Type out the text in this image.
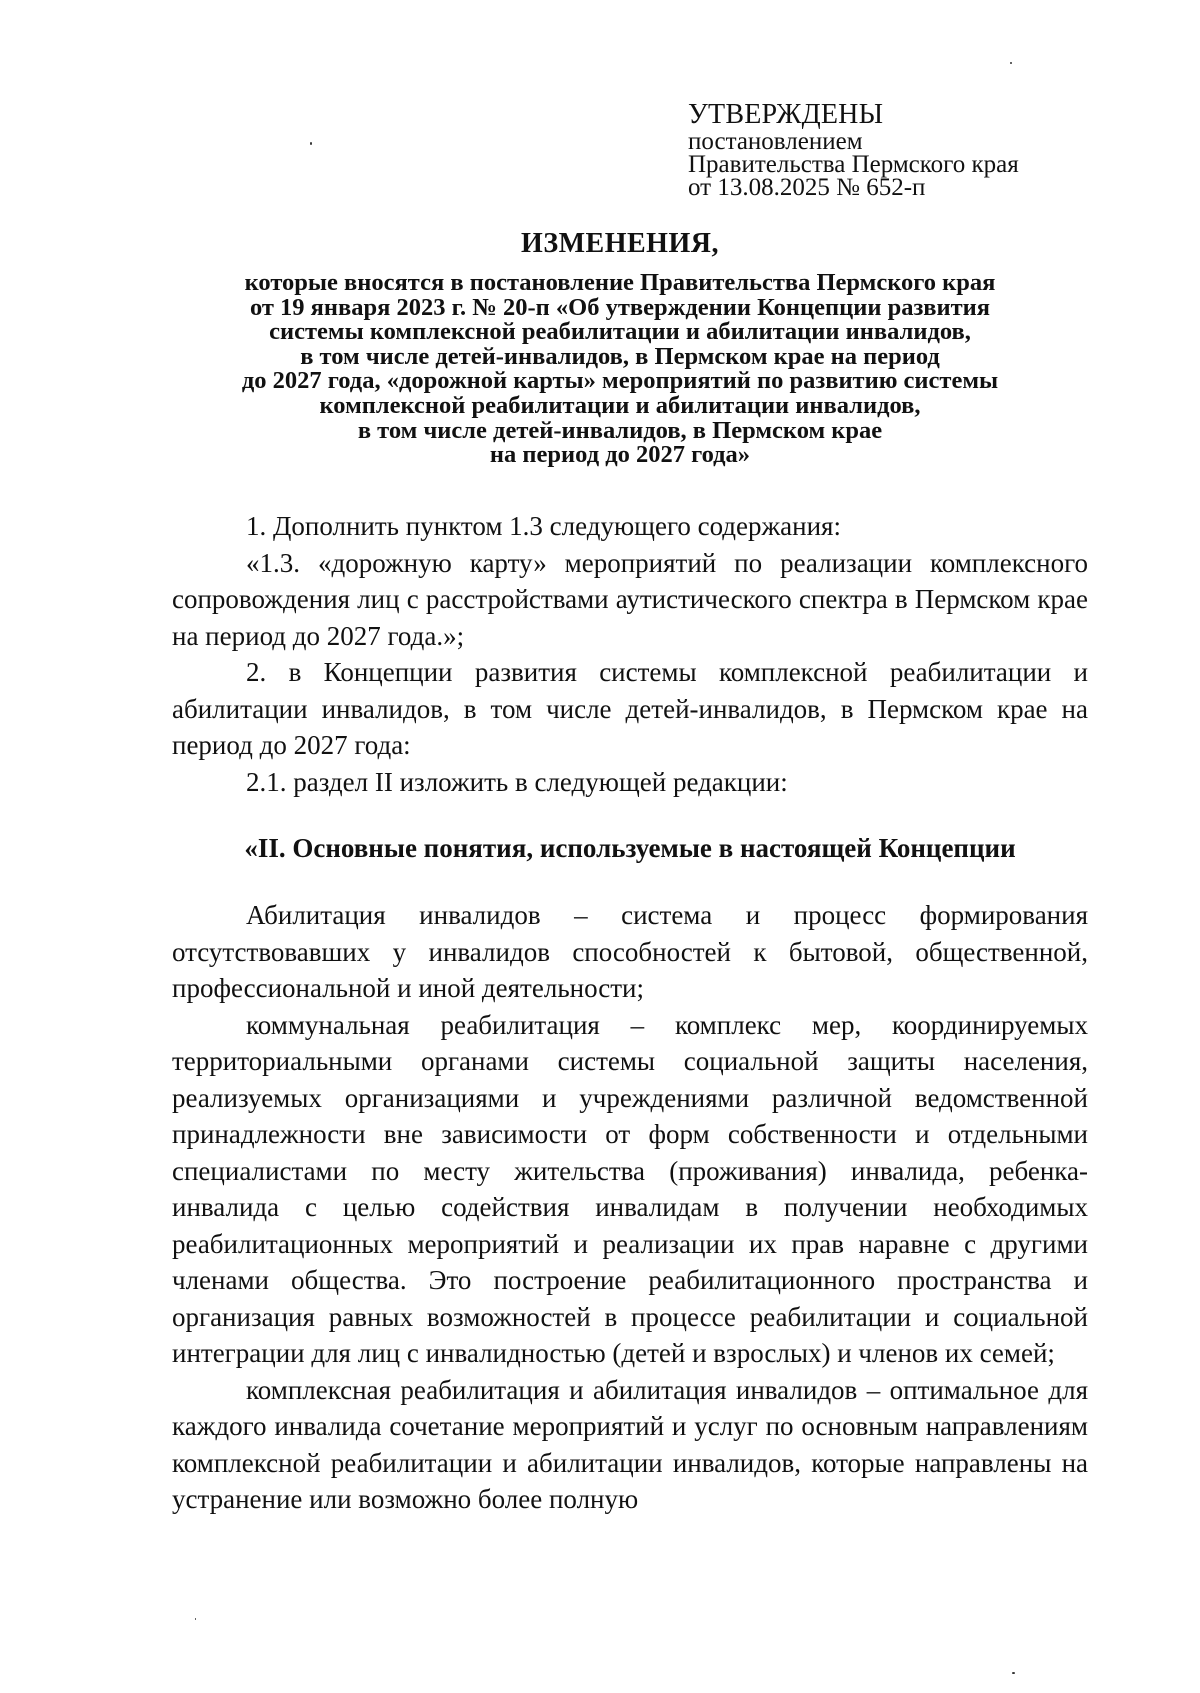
УТВЕРЖДЕНЫ
постановлением
Правительства Пермского края
от 13.08.2025 № 652-п
ИЗМЕНЕНИЯ,
которые вносятся в постановление Правительства Пермского края
от 19 января 2023 г. № 20-п «Об утверждении Концепции развития
системы комплексной реабилитации и абилитации инвалидов,
в том числе детей-инвалидов, в Пермском крае на период
до 2027 года, «дорожной карты» мероприятий по развитию системы
комплексной реабилитации и абилитации инвалидов,
в том числе детей-инвалидов, в Пермском крае
на период до 2027 года»

1. Дополнить пунктом 1.3 следующего содержания:

«1.3. «дорожную карту» мероприятий по реализации комплексного сопровождения лиц с расстройствами аутистического спектра в Пермском крае на период до 2027 года.»;

2. в Концепции развития системы комплексной реабилитации и абилитации инвалидов, в том числе детей-инвалидов, в Пермском крае на период до 2027 года:

2.1. раздел II изложить в следующей редакции:

«II. Основные понятия, используемые в настоящей Концепции

Абилитация инвалидов – система и процесс формирования отсутствовавших у инвалидов способностей к бытовой, общественной, профессиональной и иной деятельности;

коммунальная реабилитация – комплекс мер, координируемых территориальными органами системы социальной защиты населения, реализуемых организациями и учреждениями различной ведомственной принадлежности вне зависимости от форм собственности и отдельными специалистами по месту жительства (проживания) инвалида, ребенка-инвалида с целью содействия инвалидам в получении необходимых реабилитационных мероприятий и реализации их прав наравне с другими членами общества. Это построение реабилитационного пространства и организация равных возможностей в процессе реабилитации и социальной интеграции для лиц с инвалидностью (детей и взрослых) и членов их семей;

комплексная реабилитация и абилитация инвалидов – оптимальное для каждого инвалида сочетание мероприятий и услуг по основным направлениям комплексной реабилитации и абилитации инвалидов, которые направлены на устранение или возможно более полную
